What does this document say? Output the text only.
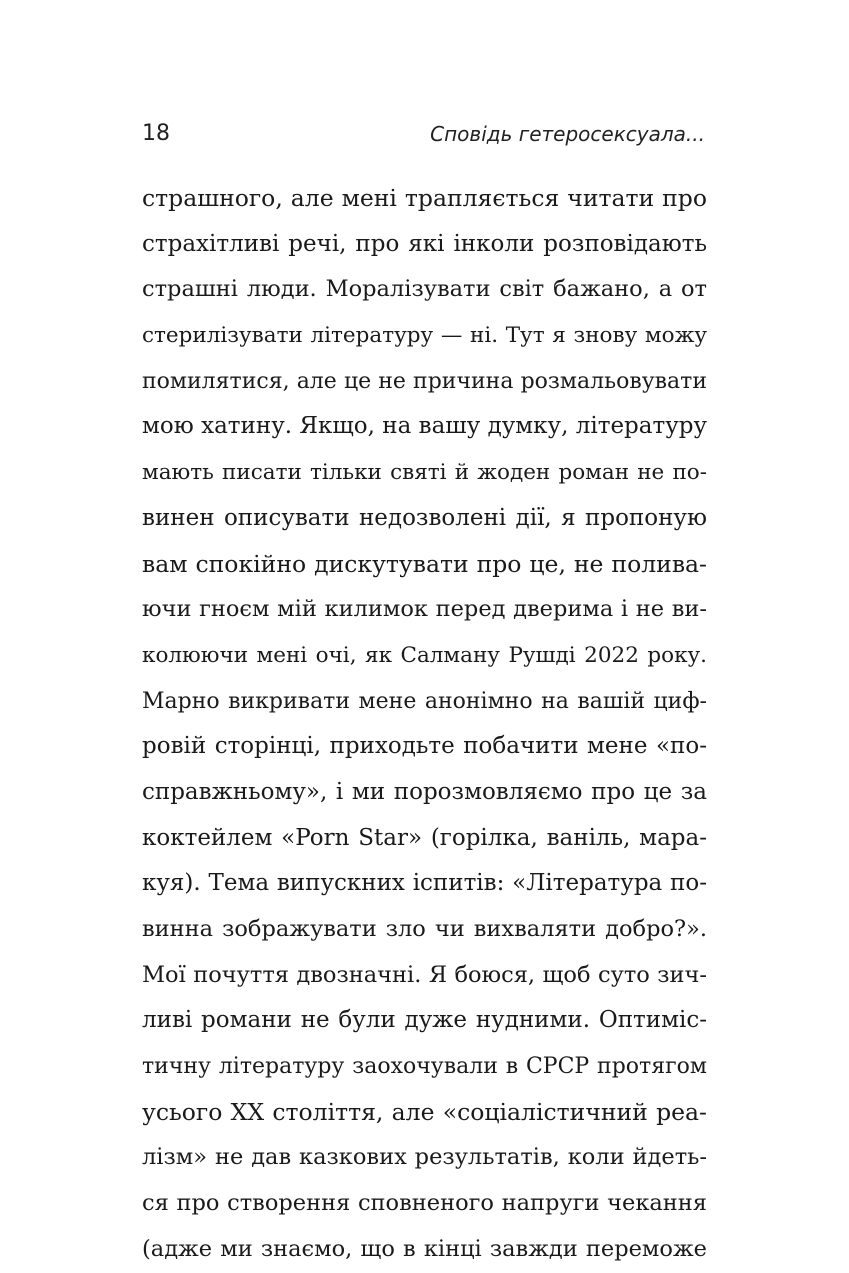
18	Сповідь гетеросексуала...
страшного, але мені трапляється читати про
страхітливі речі, про які інколи розповідають
страшні люди. Моралізувати світ бажано, а от
стерилізувати літературу — ні. Тут я знову можу
помилятися, але це не причина розмальовувати
мою хатину. Якщо, на вашу думку, літературу
мають писати тільки святі й жоден роман не по-
винен описувати недозволені дії, я пропоную
вам спокійно дискутувати про це, не полива-
ючи гноєм мій килимок перед дверима і не ви-
колюючи мені очі, як Салману Рушді 2022 року.
Марно викривати мене анонімно на вашій циф-
ровій сторінці, приходьте побачити мене «по-
справжньому», і ми порозмовляємо про це за
коктейлем «Porn Star» (горілка, ваніль, мара-
куя). Тема випускних іспитів: «Література по-
винна зображувати зло чи вихваляти добро?».
Мої почуття двозначні. Я боюся, щоб суто зич-
ливі романи не були дуже нудними. Оптиміс-
тичну літературу заохочували в СРСР протягом
усього XX століття, але «соціалістичний реа-
лізм» не дав казкових результатів, коли йдеть-
ся про створення сповненого напруги чекання
(адже ми знаємо, що в кінці завжди переможе
